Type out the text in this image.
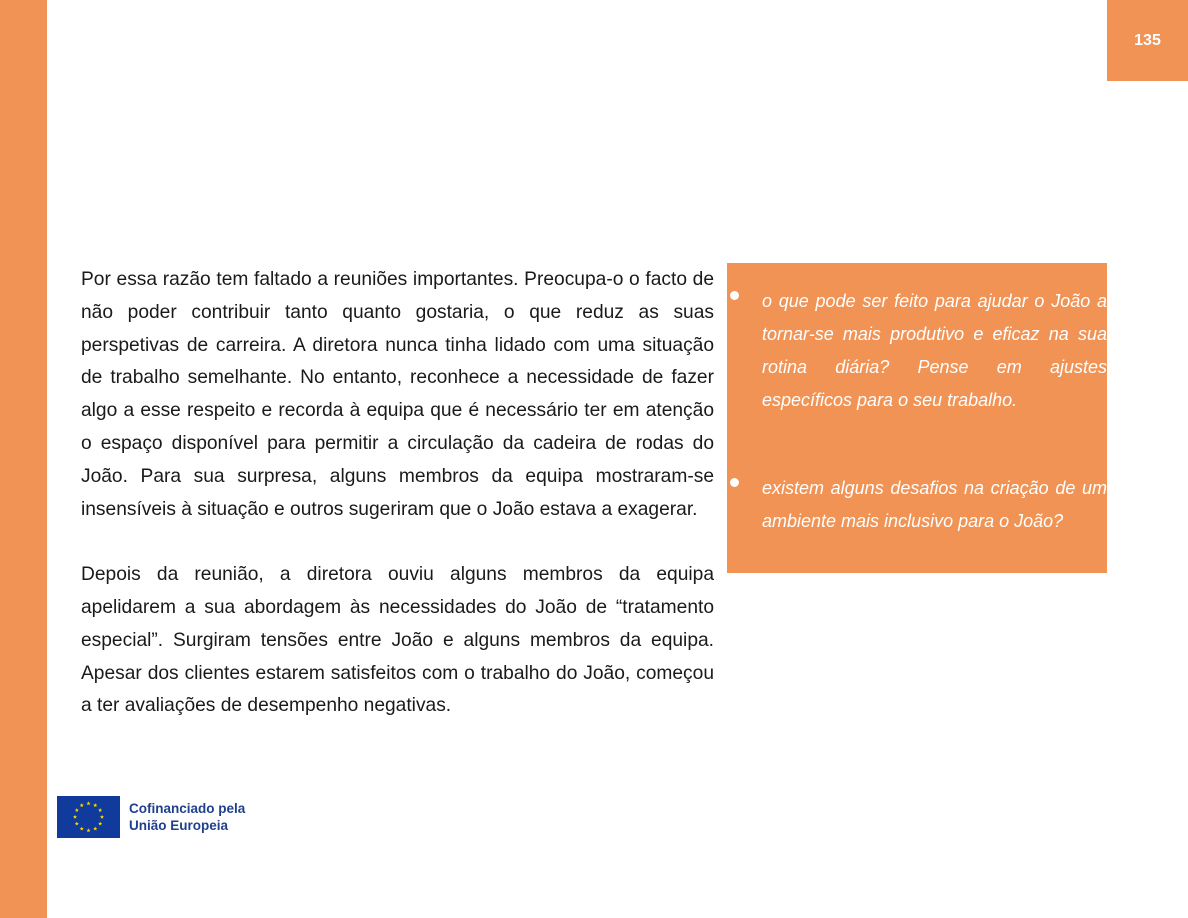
135

Por essa razão tem faltado a reuniões importantes. Preocupa-o o facto de não poder contribuir tanto quanto gostaria, o que reduz as suas perspetivas de carreira. A diretora nunca tinha lidado com uma situação de trabalho semelhante. No entanto, reconhece a necessidade de fazer algo a esse respeito e recorda à equipa que é necessário ter em atenção o espaço disponível para permitir a circulação da cadeira de rodas do João. Para sua surpresa, alguns membros da equipa mostraram-se insensíveis à situação e outros sugeriram que o João estava a exagerar.

Depois da reunião, a diretora ouviu alguns membros da equipa apelidarem a sua abordagem às necessidades do João de “tratamento especial”. Surgiram tensões entre João e alguns membros da equipa. Apesar dos clientes estarem satisfeitos com o trabalho do João, começou a ter avaliações de desempenho negativas.

o que pode ser feito para ajudar o João a tornar-se mais produtivo e eficaz na sua rotina diária? Pense em ajustes específicos para o seu trabalho.
existem alguns desafios na criação de um ambiente mais inclusivo para o João?
Cofinanciado pela
União Europeia
